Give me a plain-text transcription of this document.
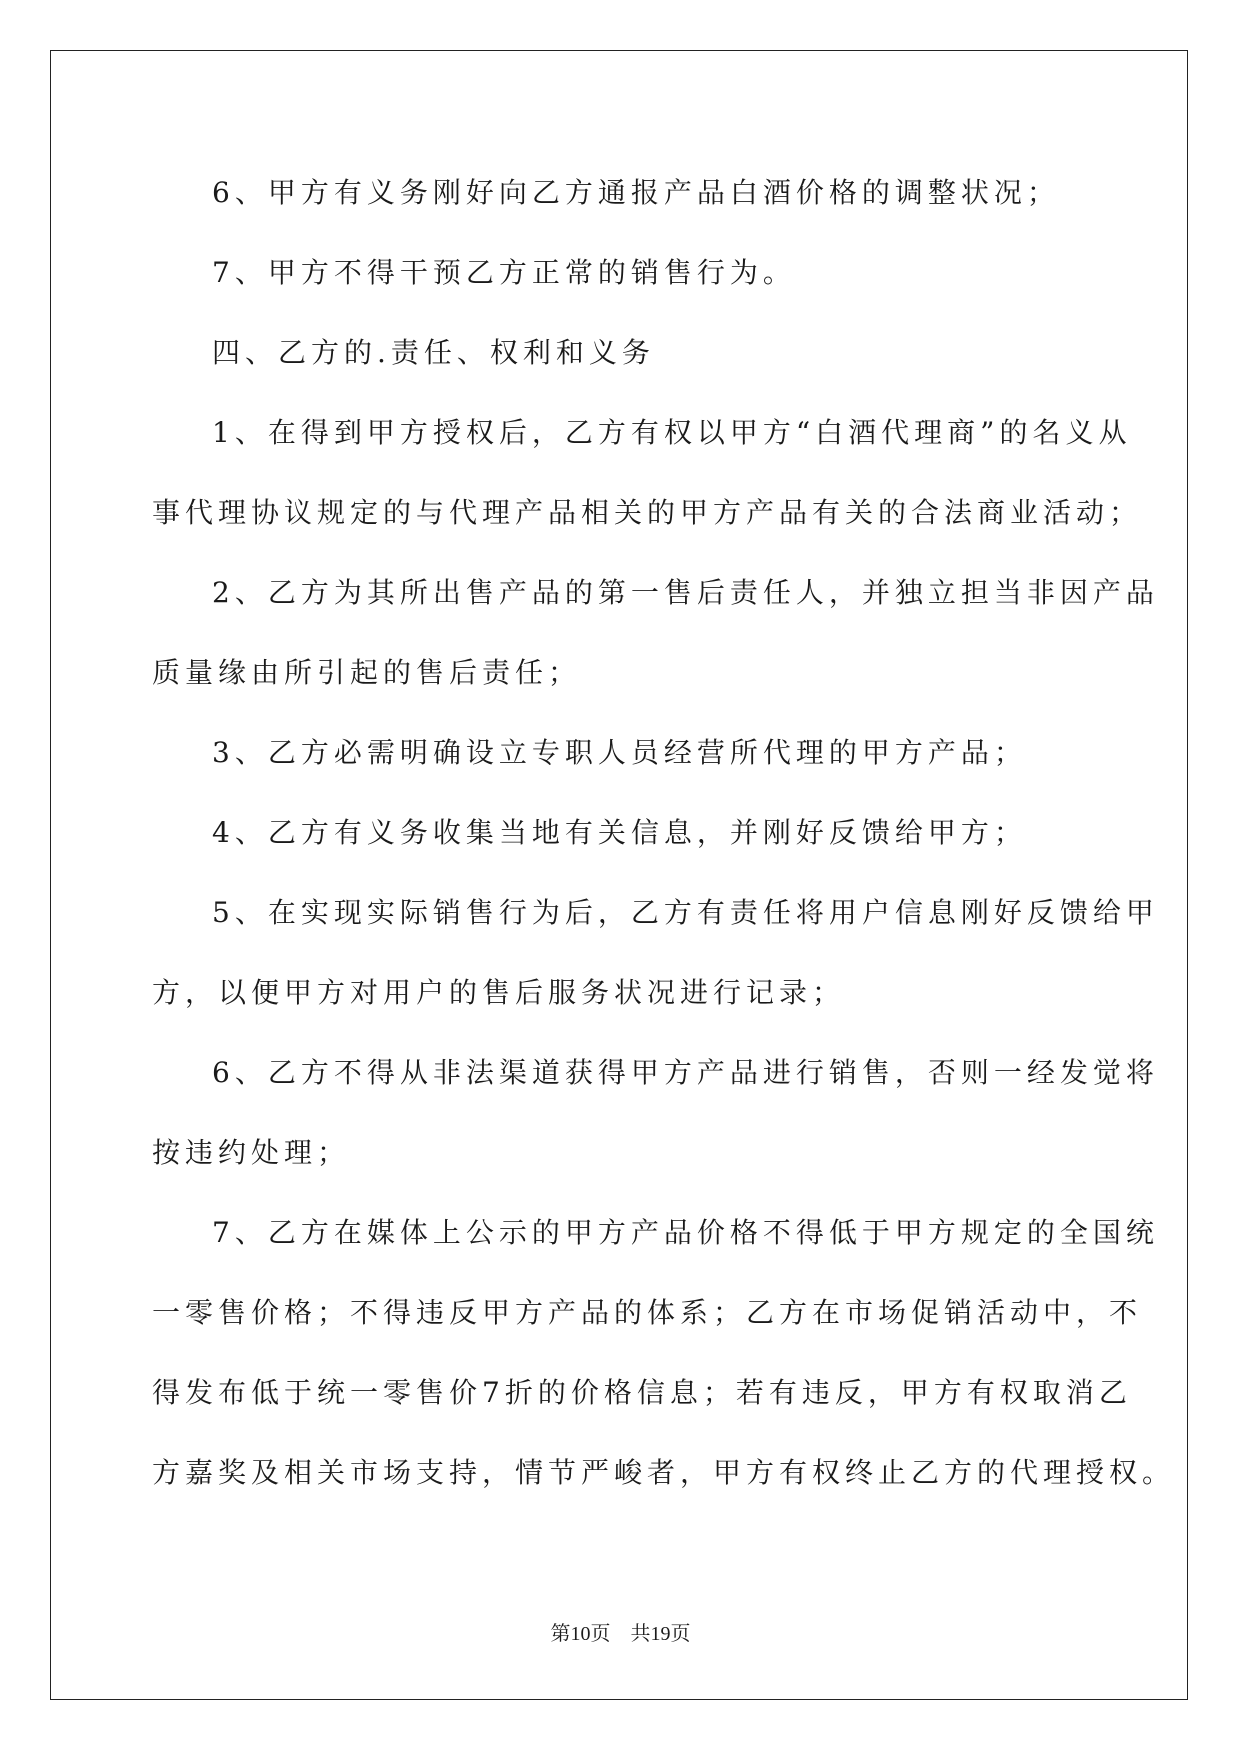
6、甲方有义务刚好向乙方通报产品白酒价格的调整状况；
7、甲方不得干预乙方正常的销售行为。
四、乙方的.责任、权利和义务
1、在得到甲方授权后，乙方有权以甲方“白酒代理商”的名义从
事代理协议规定的与代理产品相关的甲方产品有关的合法商业活动；
2、乙方为其所出售产品的第一售后责任人，并独立担当非因产品
质量缘由所引起的售后责任；
3、乙方必需明确设立专职人员经营所代理的甲方产品；
4、乙方有义务收集当地有关信息，并刚好反馈给甲方；
5、在实现实际销售行为后，乙方有责任将用户信息刚好反馈给甲
方，以便甲方对用户的售后服务状况进行记录；
6、乙方不得从非法渠道获得甲方产品进行销售，否则一经发觉将
按违约处理；
7、乙方在媒体上公示的甲方产品价格不得低于甲方规定的全国统
一零售价格；不得违反甲方产品的体系；乙方在市场促销活动中，不
得发布低于统一零售价7折的价格信息；若有违反，甲方有权取消乙
方嘉奖及相关市场支持，情节严峻者，甲方有权终止乙方的代理授权。
第10页　共19页
